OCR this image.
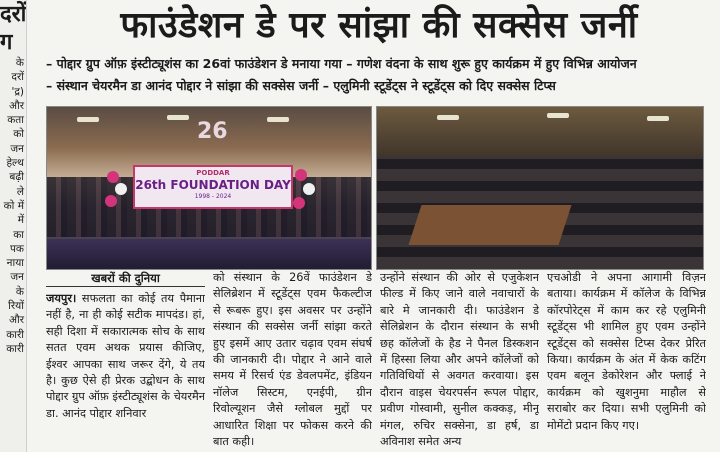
दरों
ग
के
दरों
'द्र)
और
कता
को
जन
हेल्थ
बढ़ी
ले
को में
में
का
पक
नाया
जन
के
रियों
और
कारी
कारी
फाउंडेशन डे पर सांझा की सक्सेस जर्नी
– पोद्दार ग्रुप ऑफ़ इंस्टीट्यूशंस का 26वां फाउंडेशन डे मनाया गया – गणेश वंदना के साथ शुरू हुए कार्यक्रम में हुए विभिन्न आयोजन
– संस्थान चेयरमैन डा आनंद पोद्दार ने सांझा की सक्सेस जर्नी – एलुमिनी स्टूडेंट्स ने स्टूडेंट्स को दिए सक्सेस टिप्स
26
PODDAR
26th FOUNDATION DAY
1998 - 2024
खबरों की दुनिया

जयपुर। सफलता का कोई तय पैमाना नहीं है, ना ही कोई सटीक मापदंड। हां, सही दिशा में सकारात्मक सोच के साथ सतत एवम अथक प्रयास कीजिए, ईश्वर आपका साथ जरूर देंगे, ये तय है। कुछ ऐसे ही प्रेरक उद्बोधन के साथ पोद्दार ग्रुप ऑफ़ इंस्टीट्यूशंस के चेयरमैन डा. आनंद पोद्दार शनिवार

को संस्थान के 26वें फाउंडेशन डे सेलिब्रेशन में स्टूडेंट्स एवम फैकल्टीज से रूबरू हुए। इस अवसर पर उन्होंने संस्थान की सक्सेस जर्नी सांझा करते हुए इसमें आए उतार चढ़ाव एवम संघर्ष की जानकारी दी। पोद्दार ने आने वाले समय में रिसर्च एंड डेवलपमेंट, इंडियन नॉलेज सिस्टम, एनईपी, ग्रीन रिवोल्यूशन जैसे ग्लोबल मुद्दों पर आधारित शिक्षा पर फोकस करने की बात कही।

उन्होंने संस्थान की ओर से एजुकेशन फील्ड में किए जाने वाले नवाचारों के बारे मे जानकारी दी। फाउंडेशन डे सेलिब्रेशन के दौरान संस्थान के सभी छह कॉलेजों के हैड ने पैनल डिस्कशन में हिस्सा लिया और अपने कॉलेजों को गतिविधियों से अवगत करवाया। इस दौरान वाइस चेयरपर्सन रूपल पोद्दार, प्रवीण गोस्वामी, सुनील कक्कड़, मीनू मंगल, रुचिर सक्सेना, डा हर्ष, डा अविनाश समेत अन्य

एचओडी ने अपना आगामी विज़न बताया। कार्यक्रम में कॉलेज के विभिन्न कॉरपोरेट्स में काम कर रहे एलुमिनी स्टूडेंट्स भी शामिल हुए एवम उन्होंने स्टूडेंट्स को सक्सेस टिप्स देकर प्रेरित किया। कार्यक्रम के अंत में केक कटिंग एवम बलून डेकोरेशन और फ्लाई ने कार्यक्रम को खुशनुमा माहौल से सराबोर कर दिया। सभी एलुमिनी को मोमेंटो प्रदान किए गए।
